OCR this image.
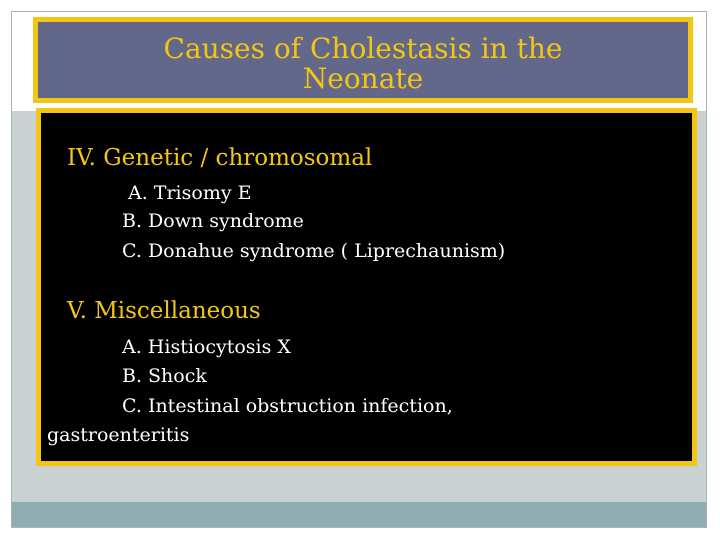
Causes of Cholestasis in the
Neonate
IV. Genetic / chromosomal
A. Trisomy E
B. Down syndrome
C. Donahue syndrome ( Liprechaunism)
V. Miscellaneous
A. Histiocytosis X
B. Shock
C. Intestinal obstruction infection,
gastroenteritis
